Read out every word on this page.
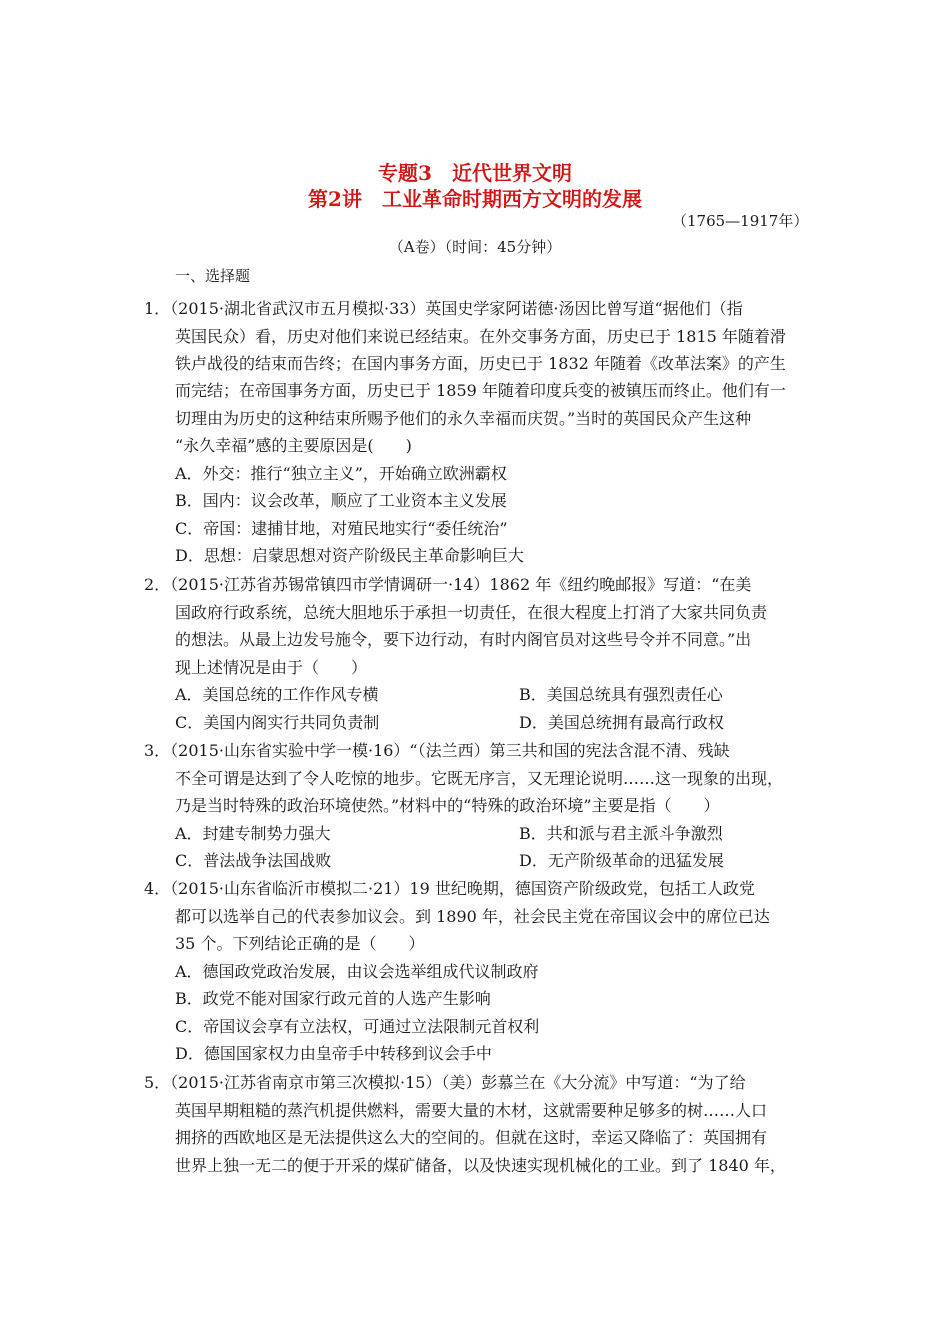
专题3　近代世界文明
第2讲　工业革命时期西方文明的发展
（1765—1917年）
（A卷）（时间：45分钟）
一、选择题
1．（2015·湖北省武汉市五月模拟·33）英国史学家阿诺德·汤因比曾写道“据他们（指
英国民众）看，历史对他们来说已经结束。在外交事务方面，历史已于 1815 年随着滑
铁卢战役的结束而告终；在国内事务方面，历史已于 1832 年随着《改革法案》的产生
而完结；在帝国事务方面，历史已于 1859 年随着印度兵变的被镇压而终止。他们有一
切理由为历史的这种结束所赐予他们的永久幸福而庆贺。”当时的英国民众产生这种
“永久幸福”感的主要原因是(　　)
A．外交：推行“独立主义”，开始确立欧洲霸权
B．国内：议会改革，顺应了工业资本主义发展
C．帝国：逮捕甘地，对殖民地实行“委任统治”
D．思想：启蒙思想对资产阶级民主革命影响巨大
2．（2015·江苏省苏锡常镇四市学情调研一·14）1862 年《纽约晚邮报》写道：“在美
国政府行政系统，总统大胆地乐于承担一切责任，在很大程度上打消了大家共同负责
的想法。从最上边发号施令，要下边行动，有时内阁官员对这些号令并不同意。”出
现上述情况是由于（　　）
A．美国总统的工作作风专横	B．美国总统具有强烈责任心
C．美国内阁实行共同负责制	D．美国总统拥有最高行政权
3．（2015·山东省实验中学一模·16）“（法兰西）第三共和国的宪法含混不清、残缺
不全可谓是达到了令人吃惊的地步。它既无序言，又无理论说明……这一现象的出现，
乃是当时特殊的政治环境使然。”材料中的“特殊的政治环境”主要是指（　　）
A．封建专制势力强大	B．共和派与君主派斗争激烈
C．普法战争法国战败	D．无产阶级革命的迅猛发展
4．（2015·山东省临沂市模拟二·21）19 世纪晚期，德国资产阶级政党，包括工人政党
都可以选举自己的代表参加议会。到 1890 年，社会民主党在帝国议会中的席位已达
35 个。下列结论正确的是（　　）
A．德国政党政治发展，由议会选举组成代议制政府
B．政党不能对国家行政元首的人选产生影响
C．帝国议会享有立法权，可通过立法限制元首权利
D．德国国家权力由皇帝手中转移到议会手中
5．（2015·江苏省南京市第三次模拟·15）（美）彭慕兰在《大分流》中写道：“为了给
英国早期粗糙的蒸汽机提供燃料，需要大量的木材，这就需要种足够多的树……人口
拥挤的西欧地区是无法提供这么大的空间的。但就在这时，幸运又降临了：英国拥有
世界上独一无二的便于开采的煤矿储备，以及快速实现机械化的工业。到了 1840 年，
